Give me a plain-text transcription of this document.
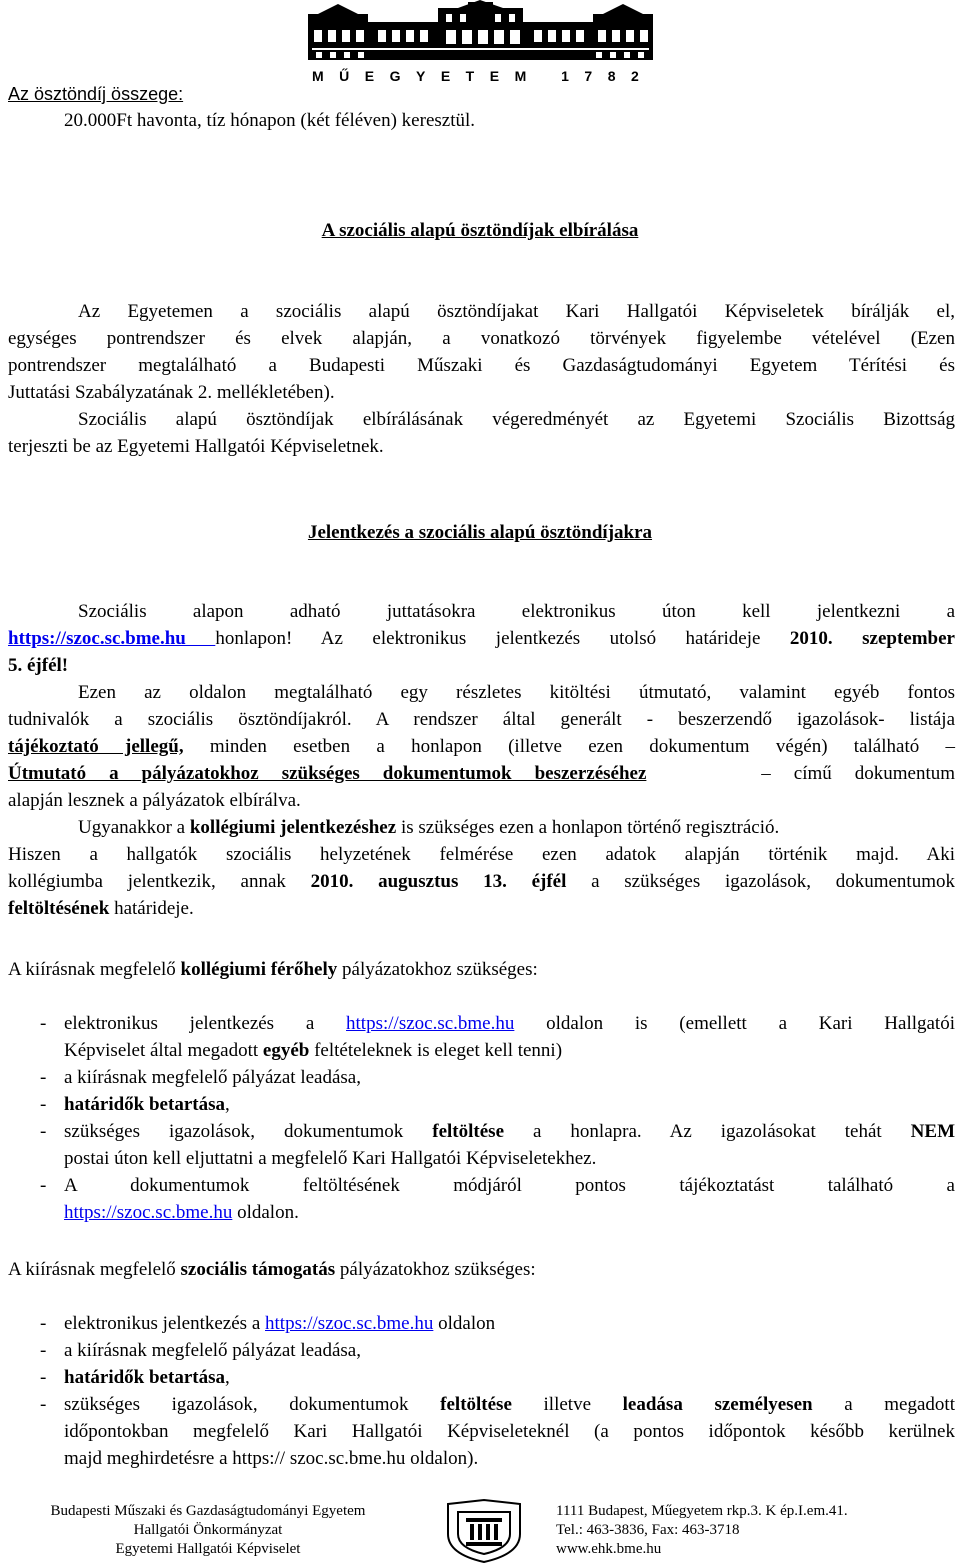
MŰEGYETEM 1782
Az ösztöndíj összege:
20.000Ft havonta, tíz hónapon (két féléven) keresztül.
A szociális alapú ösztöndíjak elbírálása
Az Egyetemen a szociális alapú ösztöndíjakat Kari Hallgatói Képviseletek bírálják el,
egységes pontrendszer és elvek alapján, a vonatkozó törvények figyelembe vételével (Ezen
pontrendszer megtalálható a Budapesti Műszaki és Gazdaságtudományi Egyetem Térítési és
Juttatási Szabályzatának 2. mellékletében).
Szociális alapú ösztöndíjak elbírálásának végeredményét az Egyetemi Szociális Bizottság
terjeszti be az Egyetemi Hallgatói Képviseletnek.
Jelentkezés a szociális alapú ösztöndíjakra
Szociális alapon adható juttatásokra elektronikus úton kell jelentkezni a
https://szoc.sc.bme.hu honlapon! Az elektronikus jelentkezés utolsó határideje 2010. szeptember
5. éjfél!
Ezen az oldalon megtalálható egy részletes kitöltési útmutató, valamint egyéb fontos
tudnivalók a szociális ösztöndíjakról. A rendszer által generált - beszerzendő igazolások- listája
tájékoztató jellegű, minden esetben a honlapon (illetve ezen dokumentum végén) található –
Útmutató a pályázatokhoz szükséges dokumentumok beszerzéséhez	– című dokumentum
alapján lesznek a pályázatok elbírálva.
Ugyanakkor a kollégiumi jelentkezéshez is szükséges ezen a honlapon történő regisztráció.
Hiszen a hallgatók szociális helyzetének felmérése ezen adatok alapján történik majd. Aki
kollégiumba jelentkezik, annak 2010. augusztus 13. éjfél a szükséges igazolások, dokumentumok
feltöltésének határideje.
A kiírásnak megfelelő kollégiumi férőhely pályázatokhoz szükséges:
- elektronikus jelentkezés a https://szoc.sc.bme.hu oldalon is (emellett a Kari Hallgatói
Képviselet által megadott egyéb feltételeknek is eleget kell tenni)
- a kiírásnak megfelelő pályázat leadása,
- határidők betartása,
- szükséges igazolások, dokumentumok feltöltése a honlapra. Az igazolásokat tehát NEM
postai úton kell eljuttatni a megfelelő Kari Hallgatói Képviseletekhez.
- A dokumentumok feltöltésének módjáról pontos tájékoztatást található a
https://szoc.sc.bme.hu oldalon.
A kiírásnak megfelelő szociális támogatás pályázatokhoz szükséges:
- elektronikus jelentkezés a https://szoc.sc.bme.hu oldalon
- a kiírásnak megfelelő pályázat leadása,
- határidők betartása,
- szükséges igazolások, dokumentumok feltöltése illetve leadása személyesen a megadott
időpontokban megfelelő Kari Hallgatói Képviseleteknél (a pontos időpontok később kerülnek
majd meghirdetésre a https:// szoc.sc.bme.hu oldalon).
Budapesti Műszaki és Gazdaságtudományi Egyetem
Hallgatói Önkormányzat
Egyetemi Hallgatói Képviselet
1111 Budapest, Műegyetem rkp.3. K ép.I.em.41.
Tel.: 463-3836, Fax: 463-3718
www.ehk.bme.hu
